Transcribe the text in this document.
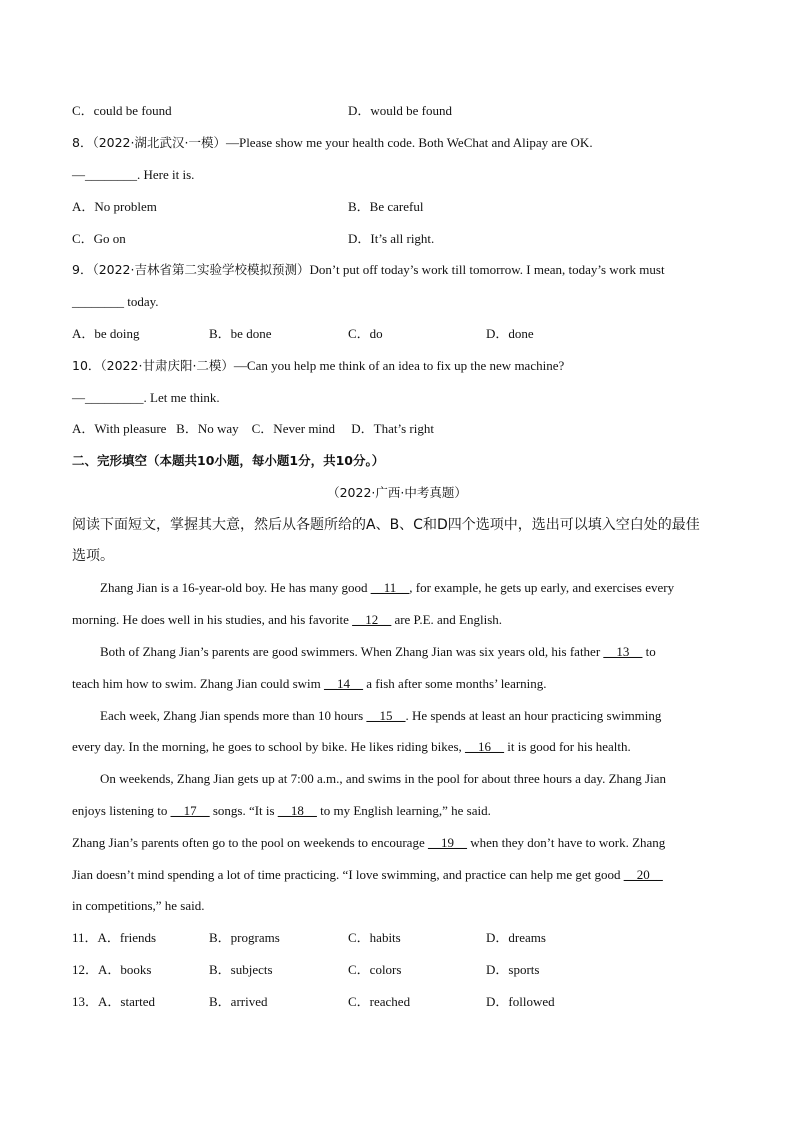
C．could be found	D．would be found
8．（2022·湖北武汉·一模）—Please show me your health code. Both WeChat and Alipay are OK.
—________. Here it is.
A．No problem	B．Be careful
C．Go on	D．It’s all right.
9．（2022·吉林省第二实验学校模拟预测）Don’t put off today’s work till tomorrow. I mean, today’s work must
________ today.
A．be doing	B．be done	C．do	D．done
10．（2022·甘肃庆阳·二模）—Can you help me think of an idea to fix up the new machine?
—_________. Let me think.
A．With pleasure   B．No way    C．Never mind     D．That’s right
二、完形填空（本题共10小题，每小题1分，共10分。）
（2022·广西·中考真题）
阅读下面短文，掌握其大意，然后从各题所给的A、B、C和D四个选项中，选出可以填入空白处的最佳
选项。
Zhang Jian is a 16-year-old boy. He has many good __11__, for example, he gets up early, and exercises every
morning. He does well in his studies, and his favorite __12__ are P.E. and English.
Both of Zhang Jian’s parents are good swimmers. When Zhang Jian was six years old, his father __13__ to
teach him how to swim. Zhang Jian could swim __14__ a fish after some months’ learning.
Each week, Zhang Jian spends more than 10 hours __15__. He spends at least an hour practicing swimming
every day. In the morning, he goes to school by bike. He likes riding bikes, __16__ it is good for his health.
On weekends, Zhang Jian gets up at 7:00 a.m., and swims in the pool for about three hours a day. Zhang Jian
enjoys listening to __17__ songs. “It is __18__ to my English learning,” he said.
Zhang Jian’s parents often go to the pool on weekends to encourage __19__ when they don’t have to work. Zhang
Jian doesn’t mind spending a lot of time practicing. “I love swimming, and practice can help me get good __20__
in competitions,” he said.
11．A．friends	B．programs	C．habits	D．dreams
12．A．books	B．subjects	C．colors	D．sports
13．A．started	B．arrived	C．reached	D．followed
